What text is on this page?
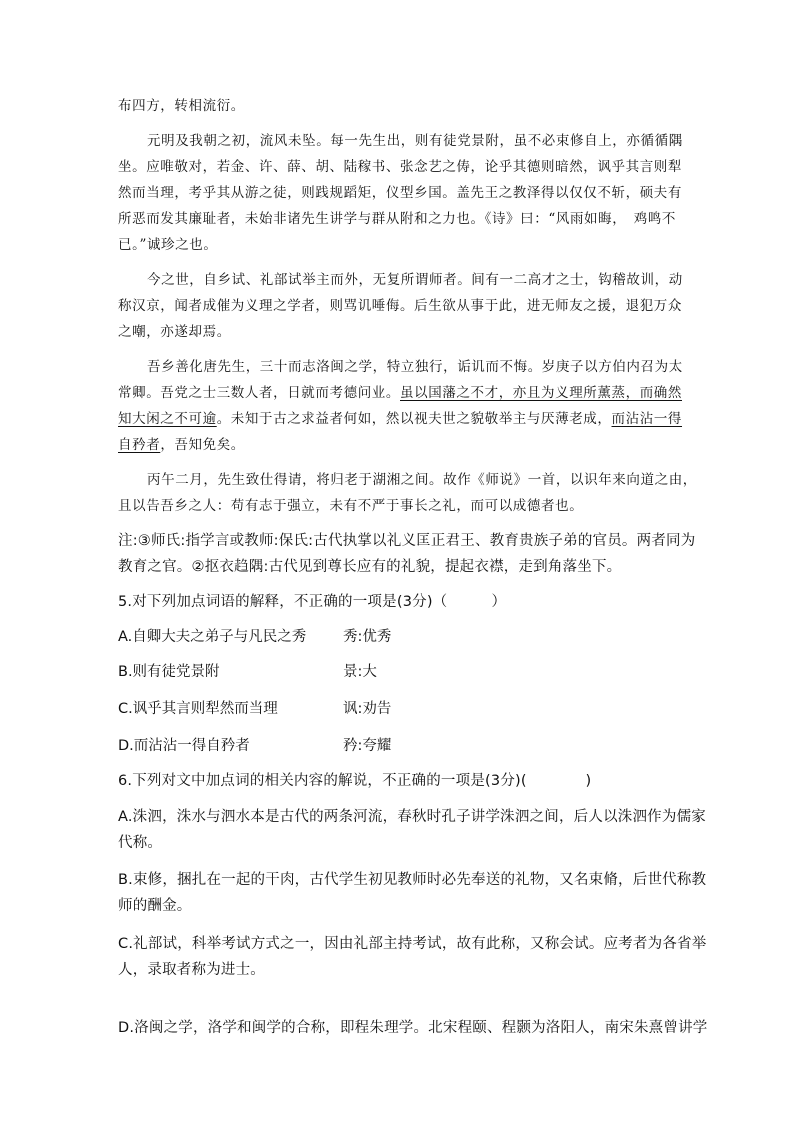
布四方，转相流衍。
元明及我朝之初，流风未坠。每一先生出，则有徒党景附，虽不必束修自上，亦循循隅
坐。应唯敬对，若金、许、薛、胡、陆稼书、张念艺之俦，论乎其德则暗然，讽乎其言则犁
然而当理，考乎其从游之徒，则践规蹈矩，仪型乡国。盖先王之教泽得以仅仅不斩，硕夫有
所恶而发其廉耻者，未始非诸先生讲学与群从附和之力也。《诗》曰：“风雨如晦，　鸡鸣不
已。”诚珍之也。
今之世，自乡试、礼部试举主而外，无复所谓师者。间有一二高才之士，钩稽故训，动
称汉京，闻者成催为义理之学者，则骂讥唾侮。后生欲从事于此，进无师友之援，退犯万众
之嘲，亦遂却焉。
吾乡善化唐先生，三十而志洛闽之学，特立独行，诟讥而不悔。岁庚子以方伯内召为太
常卿。吾党之士三数人者，日就而考德问业。虽以国藩之不才，亦且为义理所薰蒸，而确然
知大闲之不可逾。未知于古之求益者何如，然以视夫世之貌敬举主与厌薄老成，而沾沾一得
自矜者，吾知免矣。
丙午二月，先生致仕得请，将归老于湖湘之间。故作《师说》一首，以识年来向道之由，
且以告吾乡之人：苟有志于强立，未有不严于事长之礼，而可以成德者也。
注:③师氏:指学言或教师:保氏:古代执掌以礼义匡正君王、教育贵族子弟的官员。两者同为
教育之官。②抠衣趋隅:古代见到尊长应有的礼貌，提起衣襟，走到角落坐下。
5.对下列加点词语的解释，不正确的一项是(3分)（　　　）
A.自卿大夫之弟子与凡民之秀	秀:优秀
B.则有徒党景附	景:大
C.讽乎其言则犁然而当理	讽:劝告
D.而沾沾一得自矜者	矜:夸耀
6.下列对文中加点词的相关内容的解说，不正确的一项是(3分)(　　　　)
A.洙泗，洙水与泗水本是古代的两条河流，春秋时孔子讲学洙泗之间，后人以洙泗作为儒家
代称。
B.束修，捆扎在一起的干肉，古代学生初见教师时必先奉送的礼物，又名束脩，后世代称教
师的酬金。
C.礼部试，科举考试方式之一，因由礼部主持考试，故有此称，又称会试。应考者为各省举
人，录取者称为进士。
D.洛闽之学，洛学和闽学的合称，即程朱理学。北宋程颐、程颢为洛阳人，南宋朱熹曾讲学
